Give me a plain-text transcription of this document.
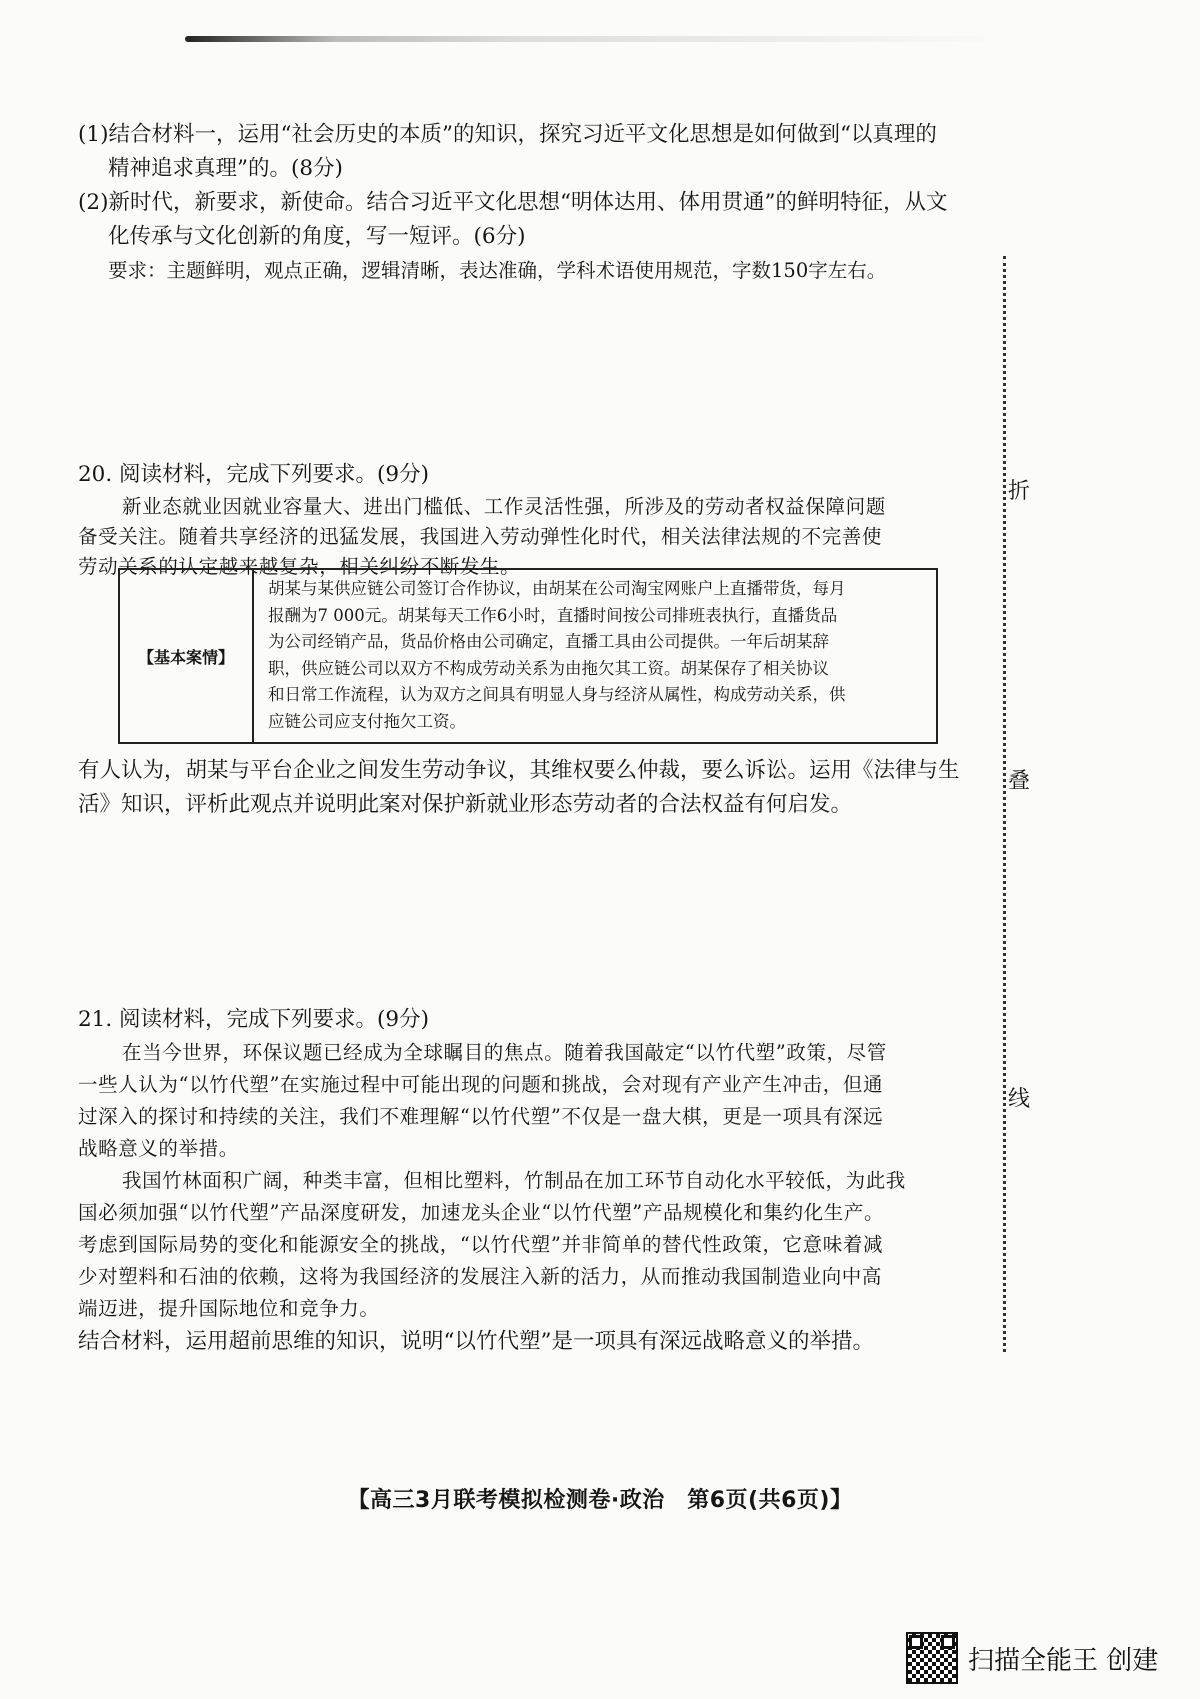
(1)结合材料一，运用“社会历史的本质”的知识，探究习近平文化思想是如何做到“以真理的
精神追求真理”的。(8分)
(2)新时代，新要求，新使命。结合习近平文化思想“明体达用、体用贯通”的鲜明特征，从文
化传承与文化创新的角度，写一短评。(6分)
要求：主题鲜明，观点正确，逻辑清晰，表达准确，学科术语使用规范，字数150字左右。
20. 阅读材料，完成下列要求。(9分)
新业态就业因就业容量大、进出门槛低、工作灵活性强，所涉及的劳动者权益保障问题
备受关注。随着共享经济的迅猛发展，我国进入劳动弹性化时代，相关法律法规的不完善使
劳动关系的认定越来越复杂，相关纠纷不断发生。
【基本案情】
胡某与某供应链公司签订合作协议，由胡某在公司淘宝网账户上直播带货，每月
报酬为7 000元。胡某每天工作6小时，直播时间按公司排班表执行，直播货品
为公司经销产品，货品价格由公司确定，直播工具由公司提供。一年后胡某辞
职，供应链公司以双方不构成劳动关系为由拖欠其工资。胡某保存了相关协议
和日常工作流程，认为双方之间具有明显人身与经济从属性，构成劳动关系，供
应链公司应支付拖欠工资。
有人认为，胡某与平台企业之间发生劳动争议，其维权要么仲裁，要么诉讼。运用《法律与生
活》知识，评析此观点并说明此案对保护新就业形态劳动者的合法权益有何启发。
21. 阅读材料，完成下列要求。(9分)
在当今世界，环保议题已经成为全球瞩目的焦点。随着我国敲定“以竹代塑”政策，尽管
一些人认为“以竹代塑”在实施过程中可能出现的问题和挑战，会对现有产业产生冲击，但通
过深入的探讨和持续的关注，我们不难理解“以竹代塑”不仅是一盘大棋，更是一项具有深远
战略意义的举措。
我国竹林面积广阔，种类丰富，但相比塑料，竹制品在加工环节自动化水平较低，为此我
国必须加强“以竹代塑”产品深度研发，加速龙头企业“以竹代塑”产品规模化和集约化生产。
考虑到国际局势的变化和能源安全的挑战，“以竹代塑”并非简单的替代性政策，它意味着减
少对塑料和石油的依赖，这将为我国经济的发展注入新的活力，从而推动我国制造业向中高
端迈进，提升国际地位和竞争力。
结合材料，运用超前思维的知识，说明“以竹代塑”是一项具有深远战略意义的举措。
折
叠
线
【高三3月联考模拟检测卷·政治　第6页(共6页)】
扫描全能王 创建
